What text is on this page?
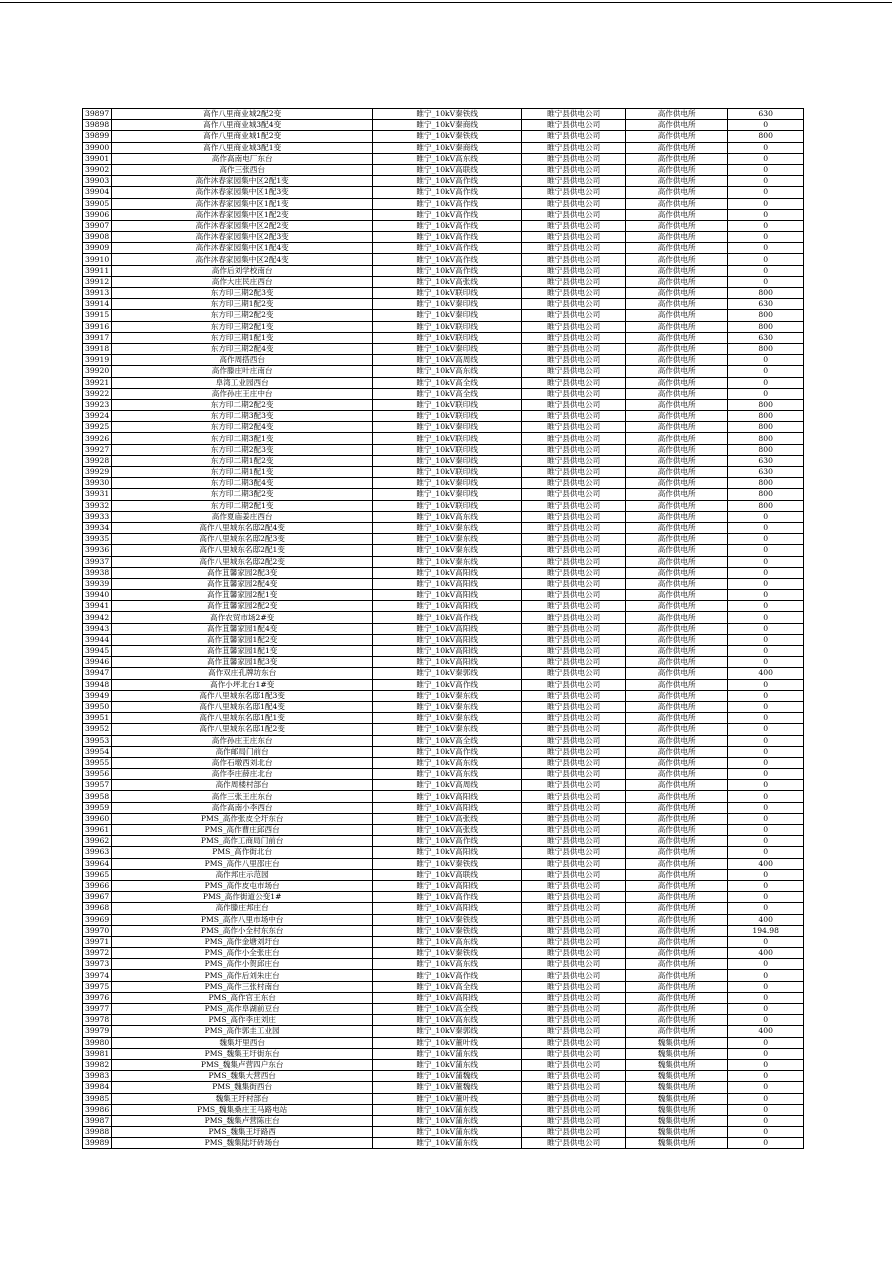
39897	高作八里商业城2配2变	睢宁_10kV秦铁线	睢宁县供电公司	高作供电所	630
39898	高作八里商业城3配4变	睢宁_10kV秦商线	睢宁县供电公司	高作供电所	0
39899	高作八里商业城1配2变	睢宁_10kV秦铁线	睢宁县供电公司	高作供电所	800
39900	高作八里商业城3配1变	睢宁_10kV秦商线	睢宁县供电公司	高作供电所	0
39901	高作高南电厂东台	睢宁_10kV高东线	睢宁县供电公司	高作供电所	0
39902	高作三张西台	睢宁_10kV高联线	睢宁县供电公司	高作供电所	0
39903	高作沐春家园集中区2配1变	睢宁_10kV高作线	睢宁县供电公司	高作供电所	0
39904	高作沐春家园集中区1配3变	睢宁_10kV高作线	睢宁县供电公司	高作供电所	0
39905	高作沐春家园集中区1配1变	睢宁_10kV高作线	睢宁县供电公司	高作供电所	0
39906	高作沐春家园集中区1配2变	睢宁_10kV高作线	睢宁县供电公司	高作供电所	0
39907	高作沐春家园集中区2配2变	睢宁_10kV高作线	睢宁县供电公司	高作供电所	0
39908	高作沐春家园集中区2配3变	睢宁_10kV高作线	睢宁县供电公司	高作供电所	0
39909	高作沐春家园集中区1配4变	睢宁_10kV高作线	睢宁县供电公司	高作供电所	0
39910	高作沐春家园集中区2配4变	睢宁_10kV高作线	睢宁县供电公司	高作供电所	0
39911	高作后刘学校南台	睢宁_10kV高作线	睢宁县供电公司	高作供电所	0
39912	高作大庄民庄西台	睢宁_10kV高张线	睢宁县供电公司	高作供电所	0
39913	东方印三期2配3变	睢宁_10kV联印线	睢宁县供电公司	高作供电所	800
39914	东方印三期1配2变	睢宁_10kV秦印线	睢宁县供电公司	高作供电所	630
39915	东方印三期2配2变	睢宁_10kV秦印线	睢宁县供电公司	高作供电所	800
39916	东方印三期2配1变	睢宁_10kV联印线	睢宁县供电公司	高作供电所	800
39917	东方印三期1配1变	睢宁_10kV联印线	睢宁县供电公司	高作供电所	630
39918	东方印三期2配4变	睢宁_10kV秦印线	睢宁县供电公司	高作供电所	800
39919	高作周搭西台	睢宁_10kV高周线	睢宁县供电公司	高作供电所	0
39920	高作滕庄叶庄南台	睢宁_10kV高东线	睢宁县供电公司	高作供电所	0
39921	阜湾工业园西台	睢宁_10kV高全线	睢宁县供电公司	高作供电所	0
39922	高作孙庄王庄中台	睢宁_10kV高全线	睢宁县供电公司	高作供电所	0
39923	东方印二期2配2变	睢宁_10kV联印线	睢宁县供电公司	高作供电所	800
39924	东方印二期3配3变	睢宁_10kV联印线	睢宁县供电公司	高作供电所	800
39925	东方印二期2配4变	睢宁_10kV秦印线	睢宁县供电公司	高作供电所	800
39926	东方印二期3配1变	睢宁_10kV联印线	睢宁县供电公司	高作供电所	800
39927	东方印二期2配3变	睢宁_10kV联印线	睢宁县供电公司	高作供电所	800
39928	东方印二期1配2变	睢宁_10kV秦印线	睢宁县供电公司	高作供电所	630
39929	东方印二期1配1变	睢宁_10kV联印线	睢宁县供电公司	高作供电所	630
39930	东方印二期3配4变	睢宁_10kV秦印线	睢宁县供电公司	高作供电所	800
39931	东方印二期3配2变	睢宁_10kV秦印线	睢宁县供电公司	高作供电所	800
39932	东方印二期2配1变	睢宁_10kV联印线	睢宁县供电公司	高作供电所	800
39933	高作夏庙姜庄西台	睢宁_10kV高东线	睢宁县供电公司	高作供电所	0
39934	高作八里城东名邸2配4变	睢宁_10kV秦东线	睢宁县供电公司	高作供电所	0
39935	高作八里城东名邸2配3变	睢宁_10kV秦东线	睢宁县供电公司	高作供电所	0
39936	高作八里城东名邸2配1变	睢宁_10kV秦东线	睢宁县供电公司	高作供电所	0
39937	高作八里城东名邸2配2变	睢宁_10kV秦东线	睢宁县供电公司	高作供电所	0
39938	高作苴馨家园2配3变	睢宁_10kV高阳线	睢宁县供电公司	高作供电所	0
39939	高作苴馨家园2配4变	睢宁_10kV高阳线	睢宁县供电公司	高作供电所	0
39940	高作苴馨家园2配1变	睢宁_10kV高阳线	睢宁县供电公司	高作供电所	0
39941	高作苴馨家园2配2变	睢宁_10kV高阳线	睢宁县供电公司	高作供电所	0
39942	高作农贸市场2#变	睢宁_10kV高作线	睢宁县供电公司	高作供电所	0
39943	高作苴馨家园1配4变	睢宁_10kV高阳线	睢宁县供电公司	高作供电所	0
39944	高作苴馨家园1配2变	睢宁_10kV高阳线	睢宁县供电公司	高作供电所	0
39945	高作苴馨家园1配1变	睢宁_10kV高阳线	睢宁县供电公司	高作供电所	0
39946	高作苴馨家园1配3变	睢宁_10kV高阳线	睢宁县供电公司	高作供电所	0
39947	高作双庄孔牌坊东台	睢宁_10kV秦郭线	睢宁县供电公司	高作供电所	400
39948	高作小坪北台1#变	睢宁_10kV高作线	睢宁县供电公司	高作供电所	0
39949	高作八里城东名邸1配3变	睢宁_10kV秦东线	睢宁县供电公司	高作供电所	0
39950	高作八里城东名邸1配4变	睢宁_10kV秦东线	睢宁县供电公司	高作供电所	0
39951	高作八里城东名邸1配1变	睢宁_10kV秦东线	睢宁县供电公司	高作供电所	0
39952	高作八里城东名邸1配2变	睢宁_10kV秦东线	睢宁县供电公司	高作供电所	0
39953	高作孙庄王庄东台	睢宁_10kV高全线	睢宁县供电公司	高作供电所	0
39954	高作邮局门前台	睢宁_10kV高作线	睢宁县供电公司	高作供电所	0
39955	高作石墩西刘北台	睢宁_10kV高东线	睢宁县供电公司	高作供电所	0
39956	高作李庄薛庄北台	睢宁_10kV高东线	睢宁县供电公司	高作供电所	0
39957	高作周楼村部台	睢宁_10kV高周线	睢宁县供电公司	高作供电所	0
39958	高作三张王庄东台	睢宁_10kV高阳线	睢宁县供电公司	高作供电所	0
39959	高作高南小李西台	睢宁_10kV高阳线	睢宁县供电公司	高作供电所	0
39960	PMS_高作张皮仝圩东台	睢宁_10kV高张线	睢宁县供电公司	高作供电所	0
39961	PMS_高作曹庄邱西台	睢宁_10kV高张线	睢宁县供电公司	高作供电所	0
39962	PMS_高作工商局门前台	睢宁_10kV高作线	睢宁县供电公司	高作供电所	0
39963	PMS_高作街北台	睢宁_10kV高阳线	睢宁县供电公司	高作供电所	0
39964	PMS_高作八里邵庄台	睢宁_10kV秦铁线	睢宁县供电公司	高作供电所	400
39965	高作邦庄示范园	睢宁_10kV高联线	睢宁县供电公司	高作供电所	0
39966	PMS_高作皮屯市场台	睢宁_10kV高阳线	睢宁县供电公司	高作供电所	0
39967	PMS_高作街道公变1#	睢宁_10kV高作线	睢宁县供电公司	高作供电所	0
39968	高作滕庄邦庄台	睢宁_10kV高阳线	睢宁县供电公司	高作供电所	0
39969	PMS_高作八里市场中台	睢宁_10kV秦铁线	睢宁县供电公司	高作供电所	400
39970	PMS_高作小全村东东台	睢宁_10kV秦铁线	睢宁县供电公司	高作供电所	194.98
39971	PMS_高作金塘刘圩台	睢宁_10kV高东线	睢宁县供电公司	高作供电所	0
39972	PMS_高作小全张庄台	睢宁_10kV秦铁线	睢宁县供电公司	高作供电所	400
39973	PMS_高作小贺邱庄台	睢宁_10kV高东线	睢宁县供电公司	高作供电所	0
39974	PMS_高作后刘朱庄台	睢宁_10kV高作线	睢宁县供电公司	高作供电所	0
39975	PMS_高作三张村南台	睢宁_10kV高全线	睢宁县供电公司	高作供电所	0
39976	PMS_高作官王东台	睢宁_10kV高阳线	睢宁县供电公司	高作供电所	0
39977	PMS_高作阜湖前豆台	睢宁_10kV高全线	睢宁县供电公司	高作供电所	0
39978	PMS_高作李庄刘庄	睢宁_10kV高东线	睢宁县供电公司	高作供电所	0
39979	PMS_高作郭圭工业园	睢宁_10kV秦郭线	睢宁县供电公司	高作供电所	400
39980	魏集圩里西台	睢宁_10kV董叶线	睢宁县供电公司	魏集供电所	0
39981	PMS_魏集王圩街东台	睢宁_10kV蒲东线	睢宁县供电公司	魏集供电所	0
39982	PMS_魏集卢营四户东台	睢宁_10kV蒲东线	睢宁县供电公司	魏集供电所	0
39983	PMS_魏集大营西台	睢宁_10kV蒲魏线	睢宁县供电公司	魏集供电所	0
39984	PMS_魏集街西台	睢宁_10kV董魏线	睢宁县供电公司	魏集供电所	0
39985	魏集王圩村部台	睢宁_10kV董叶线	睢宁县供电公司	魏集供电所	0
39986	PMS_魏集桑庄王马路电站	睢宁_10kV蒲东线	睢宁县供电公司	魏集供电所	0
39987	PMS_魏集卢营陈庄台	睢宁_10kV蒲东线	睢宁县供电公司	魏集供电所	0
39988	PMS_魏集王圩路西	睢宁_10kV蒲东线	睢宁县供电公司	魏集供电所	0
39989	PMS_魏集陆圩砖场台	睢宁_10kV蒲东线	睢宁县供电公司	魏集供电所	0
